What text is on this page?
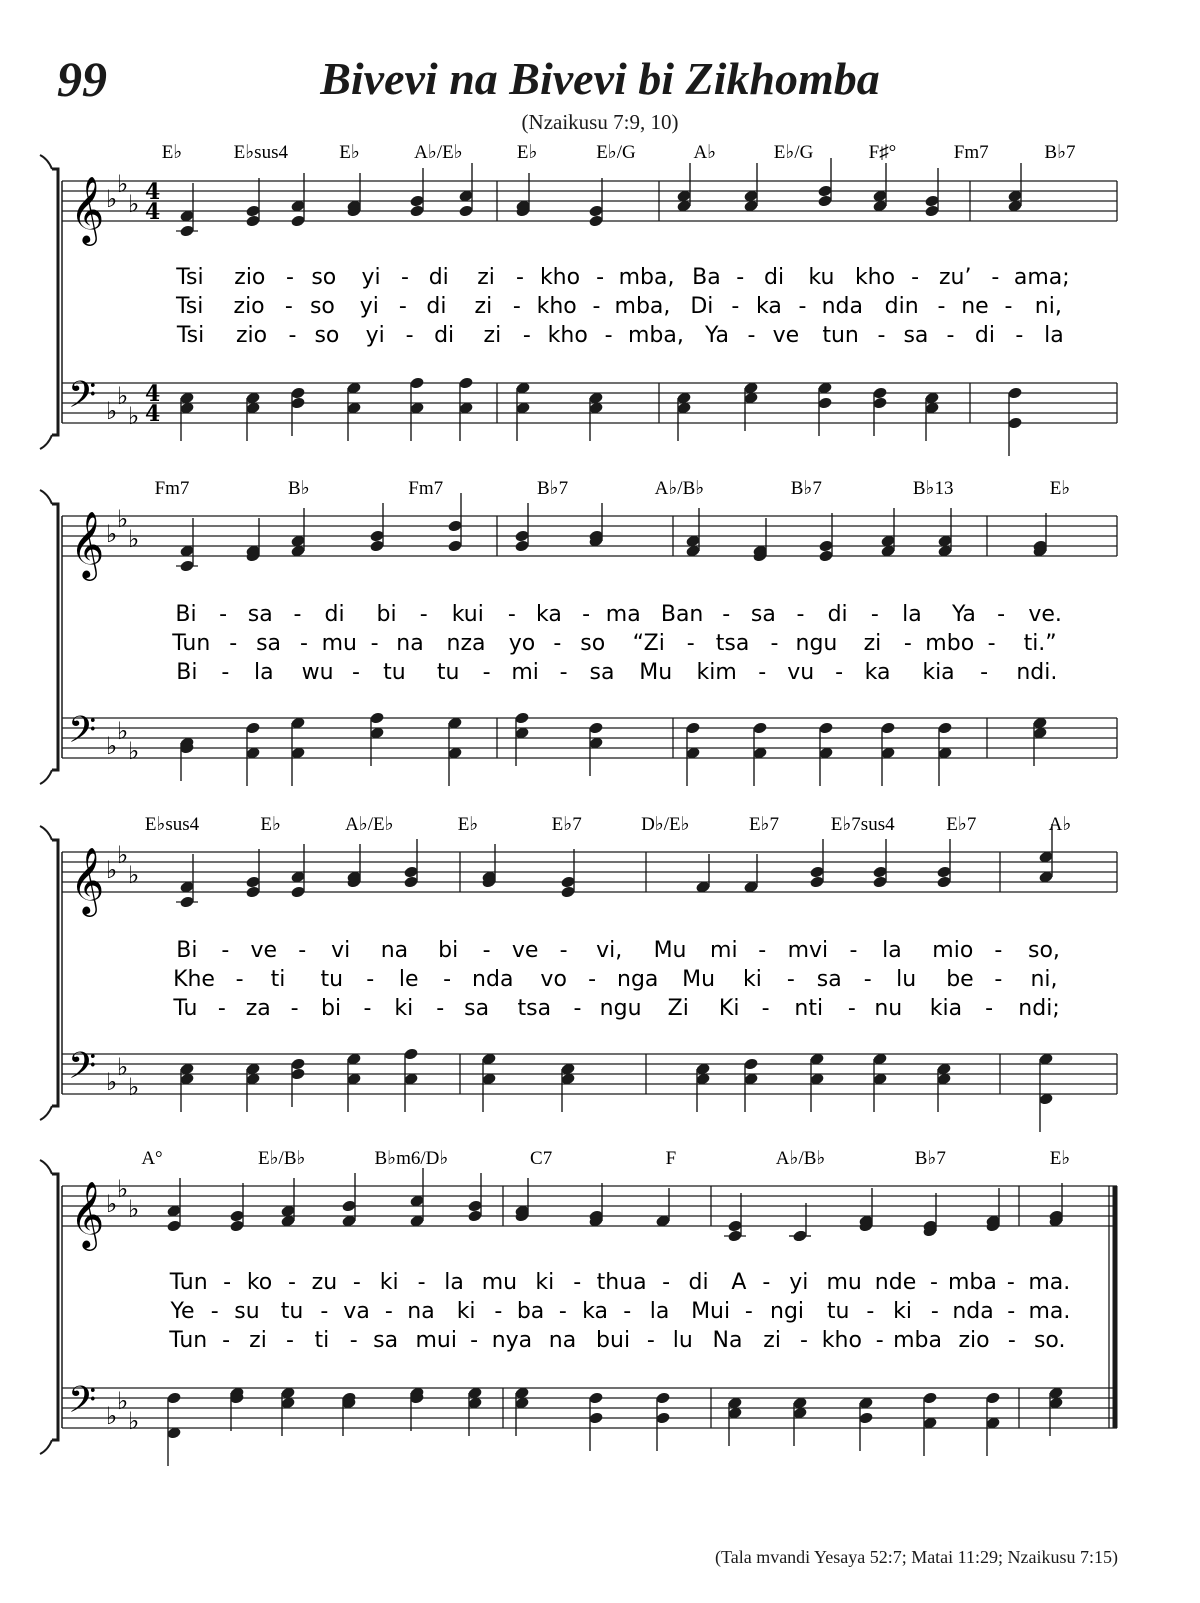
99	Bivevi na Bivevi bi Zikhomba
(Nzaikusu 7:9, 10)
𝄞
𝄢
♭
♭
♭
♭
♭
♭
4
4
4
4
E♭	E♭sus4	E♭	A♭/E♭	E♭	E♭/G	A♭	E♭/G	F♯°	Fm7	B♭7
Tsi zio - so yi - di zi - kho - mba, Ba - di ku kho - zu’ - ama;
Tsi zio - so yi - di zi - kho - mba, Di - ka - nda din - ne - ni,
Tsi zio - so yi - di zi - kho - mba, Ya - ve tun - sa - di - la
𝄞
𝄢
♭
♭
♭
♭
♭
♭
Fm7	B♭	Fm7	B♭7	A♭/B♭	B♭7	B♭13	E♭
Bi - sa - di bi - kui - ka - ma Ban - sa - di - la Ya - ve.
Tun - sa - mu - na nza yo - so “Zi - tsa - ngu zi - mbo - ti.”
Bi - la wu - tu tu - mi - sa Mu kim - vu - ka kia - ndi.
𝄞
𝄢
♭
♭
♭
♭
♭
♭
E♭sus4	E♭	A♭/E♭	E♭	E♭7	D♭/E♭	E♭7	E♭7sus4	E♭7	A♭
Bi - ve - vi na bi - ve - vi, Mu mi - mvi - la mio - so,
Khe - ti tu - le - nda vo - nga Mu ki - sa - lu be - ni,
Tu - za - bi - ki - sa tsa - ngu Zi Ki - nti - nu kia - ndi;
𝄞
𝄢
♭
♭
♭
♭
♭
♭
A°	E♭/B♭	B♭m6/D♭	C7	F	A♭/B♭	B♭7	E♭
Tun - ko - zu - ki - la mu ki - thua - di A - yi mu nde - mba - ma.
Ye - su tu - va - na ki - ba - ka - la Mui - ngi tu - ki - nda - ma.
Tun - zi - ti - sa mui - nya na bui - lu Na zi - kho - mba zio - so.
(Tala mvandi Yesaya 52:7; Matai 11:29; Nzaikusu 7:15)
